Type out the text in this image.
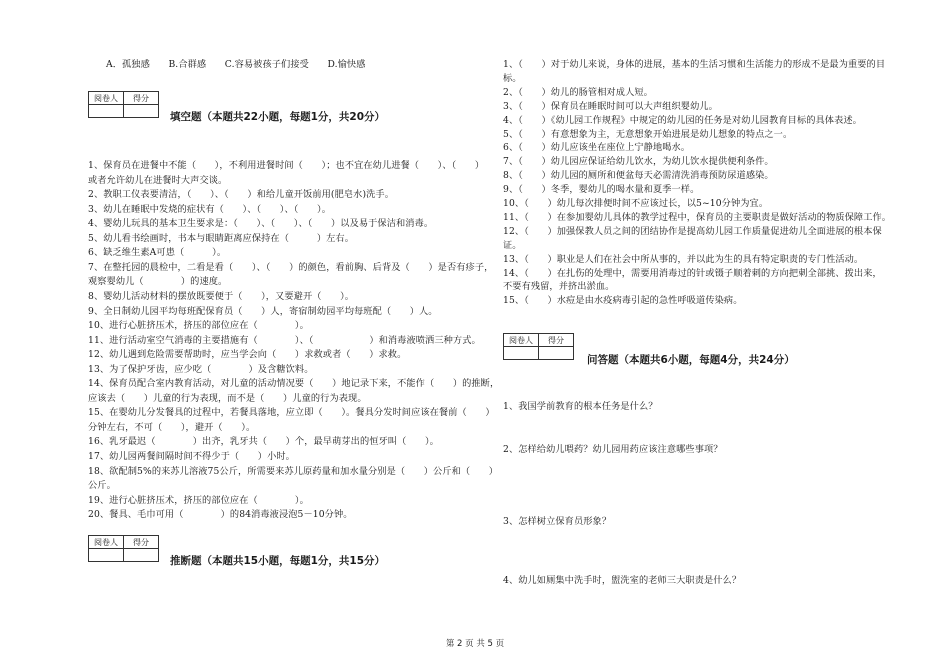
A．孤独感　　B.合群感　　C.容易被孩子们接受　　D.愉快感
阅卷人	得分

填空题（本题共22小题，每题1分，共20分）
1、保育员在进餐中不能（　　），不利用进餐时间（　　）；也不宜在幼儿进餐（　　）、（　　）
或者允许幼儿在进餐时大声交谈。
2、教职工仪表要清洁，（　　）、（　　）和给儿童开饭前用(肥皂水)洗手。
3、幼儿在睡眠中发烧的症状有（　　）、（　　）、（　　）。
4、婴幼儿玩具的基本卫生要求是：（　　）、（　　）、（　　）以及易于保洁和消毒。
5、幼儿看书绘画时，书本与眼睛距离应保持在（　　　）左右。
6、缺乏维生素A可患（　　　）。
7、在整托园的晨检中，二看是看（　　）、（　　）的颜色，看前胸、后背及（　　）是否有疹子，
观察婴幼儿（　　　　）的速度。
8、婴幼儿活动材料的摆放既要便于（　　），又要避开（　　）。
9、全日制幼儿园平均每班配保育员（　　）人，寄宿制幼园平均每班配（　　）人。
10、进行心脏挤压术，挤压的部位应在（　　　　）。
11、进行活动室空气消毒的主要措施有（　　　　）、（　　　　　　）和消毒液喷洒三种方式。
12、幼儿遇到危险需要帮助时，应当学会向（　　）求救或者（　　）求救。
13、为了保护牙齿，应少吃（　　　　）及含糖饮料。
14、保育员配合室内教育活动，对儿童的活动情况要（　　）地记录下来，不能作（　　）的推断，
应该去（　　）儿童的行为表现，而不是（　　）儿童的行为表现。
15、在婴幼儿分发餐具的过程中，若餐具落地，应立即（　　）。餐具分发时间应该在餐前（　　）
分钟左右，不可（　　），避开（　　）。
16、乳牙最迟（　　　　）出齐，乳牙共（　　）个，最早萌芽出的恒牙叫（　　）。
17、幼儿园两餐间隔时间不得少于（　　）小时。
18、欲配制5%的来苏儿溶液75公斤，所需要来苏儿原药量和加水量分别是（　　）公斤和（　　）
公斤。
19、进行心脏挤压术，挤压的部位应在（　　　　）。
20、餐具、毛巾可用（　　　　）的84消毒液浸泡5－10分钟。
阅卷人	得分

推断题（本题共15小题，每题1分，共15分）
1、（　　）对于幼儿来说，身体的进展，基本的生活习惯和生活能力的形成不是最为重要的目
标。
2、（　　）幼儿的肠管相对成人短。
3、（　　）保育员在睡眠时间可以大声组织婴幼儿。
4、（　　）《幼儿园工作规程》中规定的幼儿园的任务是对幼儿园教育目标的具体表述。
5、（　　）有意想象为主，无意想象开始进展是幼儿想象的特点之一。
6、（　　）幼儿应该坐在座位上宁静地喝水。
7、（　　）幼儿园应保证给幼儿饮水，为幼儿饮水提供便利条件。
8、（　　）幼儿园的厕所和便盆每天必需清洗消毒预防尿道感染。
9、（　　）冬季，婴幼儿的喝水量和夏季一样。
10、（　　）幼儿每次排便时间不应该过长，以5~10分钟为宜。
11、（　　）在参加婴幼儿具体的教学过程中，保育员的主要职责是做好活动的物质保障工作。
12、（　　）加强保教人员之间的团结协作是提高幼儿园工作质量促进幼儿全面进展的根本保
证。
13、（　　）职业是人们在社会中所从事的，并以此为生的具有特定职责的专门性活动。
14、（　　）在扎伤的处理中，需要用消毒过的针或镊子顺着刺的方向把刺全部挑、拨出来，
不要有残留，并挤出淤血。
15、（　　）水痘是由水疫病毒引起的急性呼吸道传染病。
阅卷人	得分

问答题（本题共6小题，每题4分，共24分）
1、我国学前教育的根本任务是什么？
2、怎样给幼儿喂药？幼儿园用药应该注意哪些事项？
3、怎样树立保育员形象？
4、幼儿如厕集中洗手时，盥洗室的老师三大职责是什么？
第 2 页 共 5 页
